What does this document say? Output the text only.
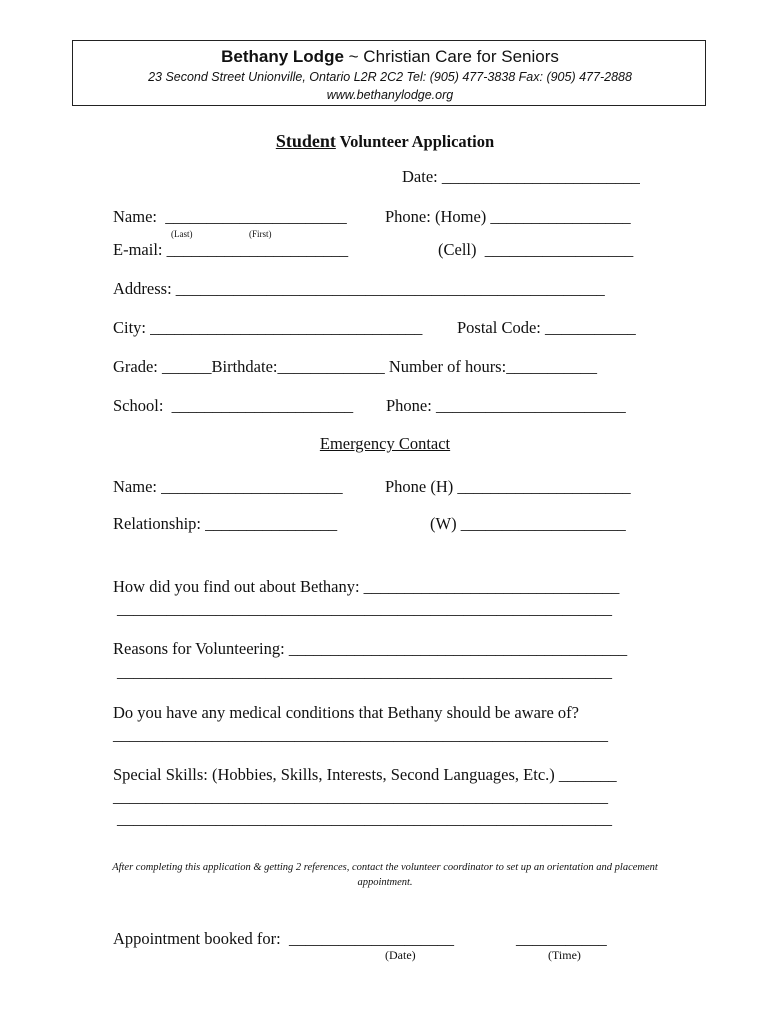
Bethany Lodge ~ Christian Care for Seniors
23 Second Street Unionville, Ontario L2R 2C2 Tel: (905) 477-3838 Fax: (905) 477-2888
www.bethanylodge.org
Student Volunteer Application
Date: ________________________
Name:  ______________________ Phone: (Home) _________________
(Last)	(First)
E-mail: ______________________	(Cell)  __________________
Address: ____________________________________________________
City: _________________________________ Postal Code: ___________
Grade: ______Birthdate:_____________ Number of hours:___________
School:  ______________________ Phone: _______________________
Emergency Contact
Name: ______________________	Phone (H) _____________________
Relationship: ________________	(W) ____________________
How did you find out about Bethany: _______________________________
____________________________________________________________
Reasons for Volunteering: _________________________________________
____________________________________________________________
Do you have any medical conditions that Bethany should be aware of?
____________________________________________________________
Special Skills: (Hobbies, Skills, Interests, Second Languages, Etc.) _______
____________________________________________________________
____________________________________________________________
After completing this application & getting 2 references, contact the volunteer coordinator to set up an orientation and placement appointment.
Appointment booked for:  ____________________	___________
(Date)	(Time)
